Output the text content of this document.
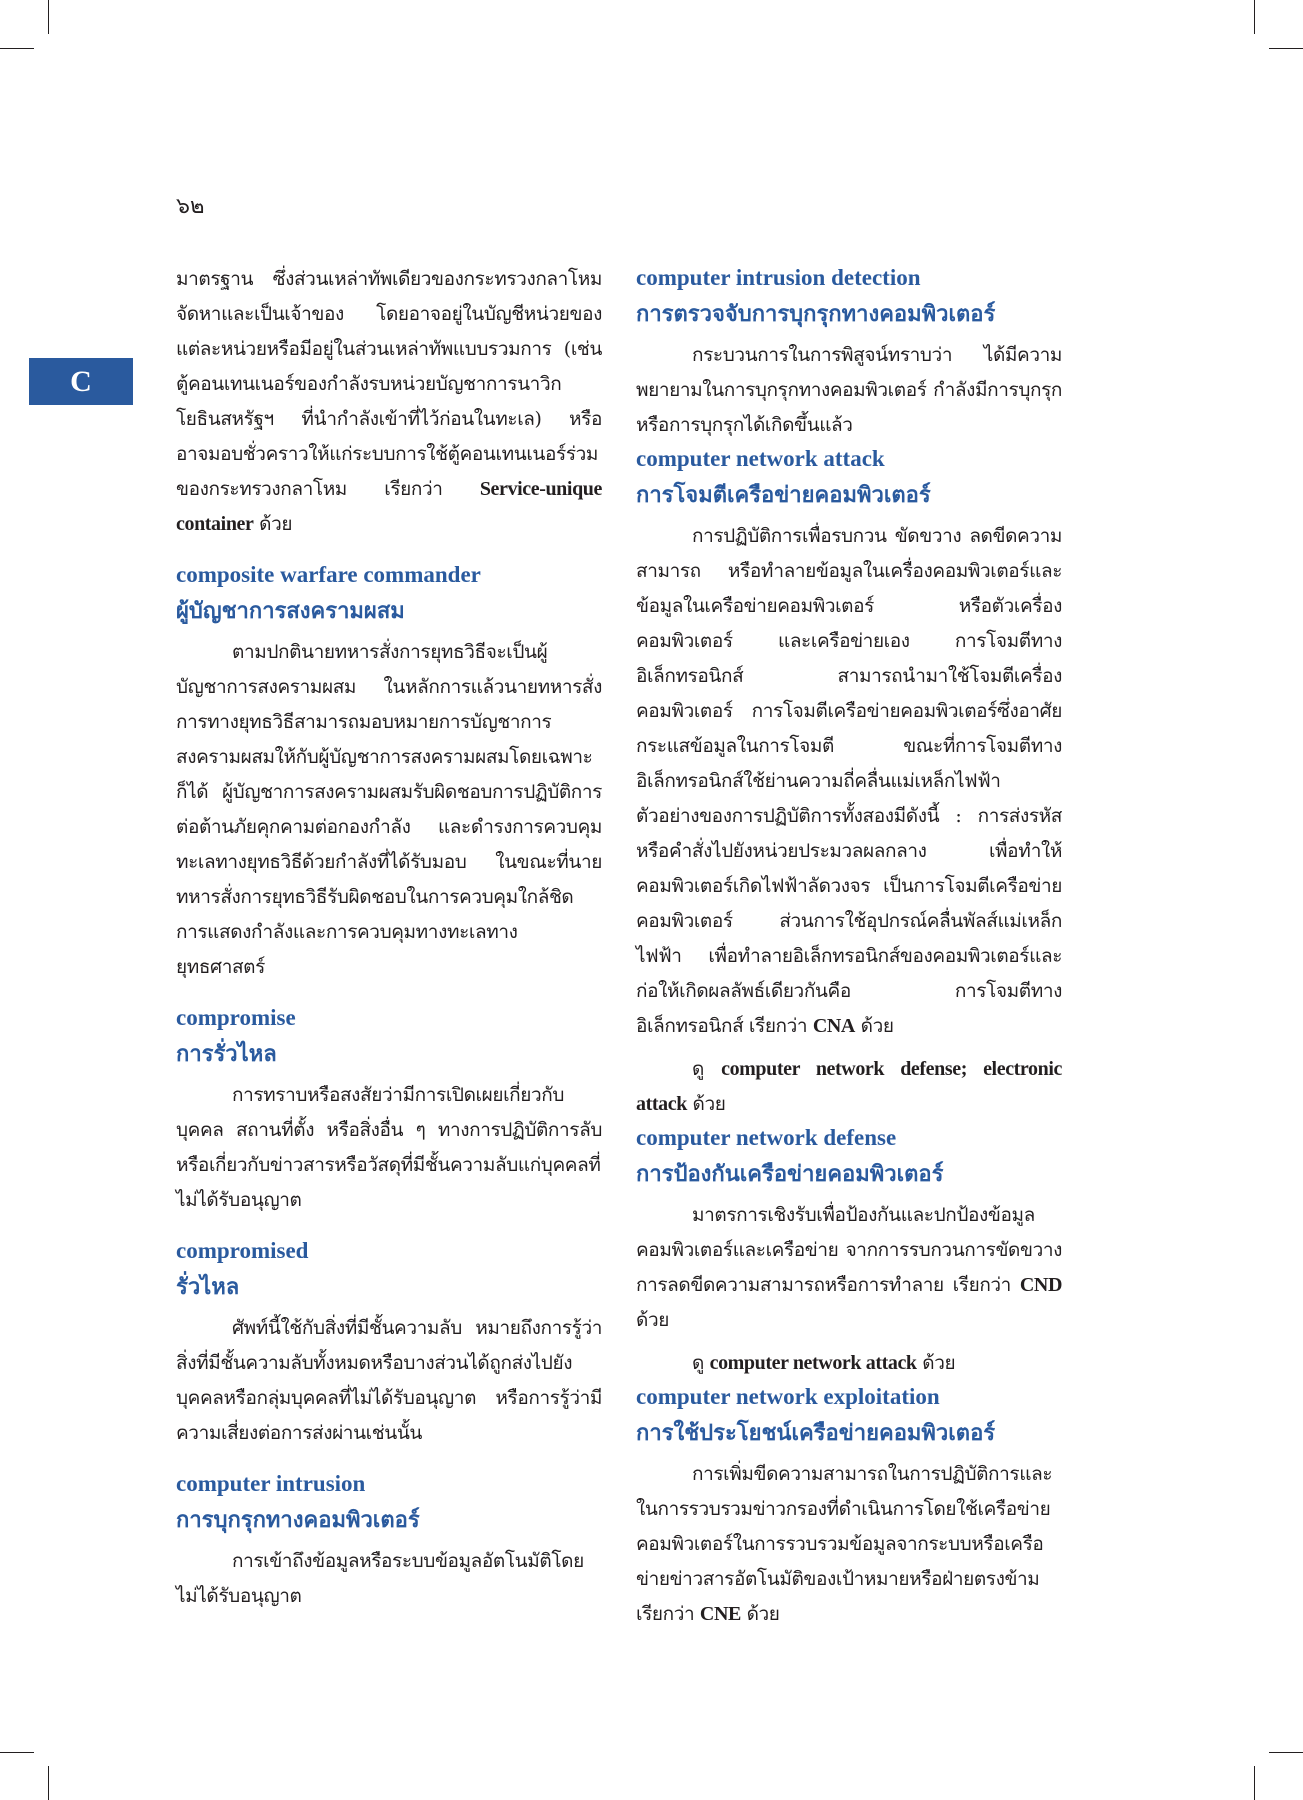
๖๒
C

มาตรฐาน ซึ่งส่วนเหล่าทัพเดียวของกระทรวงกลาโหม จัดหาและเป็นเจ้าของ โดยอาจอยู่ในบัญชีหน่วยของแต่ละหน่วยหรือมีอยู่ในส่วนเหล่าทัพแบบรวมการ (เช่น ตู้คอนเทนเนอร์ของกำลังรบหน่วยบัญชาการนาวิกโยธินสหรัฐฯ ที่นำกำลังเข้าที่ไว้ก่อนในทะเล) หรืออาจมอบชั่วคราวให้แก่ระบบการใช้ตู้คอนเทนเนอร์ร่วมของกระทรวงกลาโหม เรียกว่า Service-unique container ด้วย

composite warfare commander
ผู้บัญชาการสงครามผสม

ตามปกตินายทหารสั่งการยุทธวิธีจะเป็นผู้บัญชาการสงครามผสม ในหลักการแล้วนายทหารสั่งการทางยุทธวิธีสามารถมอบหมายการบัญชาการสงครามผสมให้กับผู้บัญชาการสงครามผสมโดยเฉพาะก็ได้ ผู้บัญชาการสงครามผสมรับผิดชอบการปฏิบัติการต่อต้านภัยคุกคามต่อกองกำลัง และดำรงการควบคุมทะเลทางยุทธวิธีด้วยกำลังที่ได้รับมอบ ในขณะที่นายทหารสั่งการยุทธวิธีรับผิดชอบในการควบคุมใกล้ชิด การแสดงกำลังและการควบคุมทางทะเลทางยุทธศาสตร์

compromise
การรั่วไหล

การทราบหรือสงสัยว่ามีการเปิดเผยเกี่ยวกับบุคคล สถานที่ตั้ง หรือสิ่งอื่น ๆ ทางการปฏิบัติการลับหรือเกี่ยวกับข่าวสารหรือวัสดุที่มีชั้นความลับแก่บุคคลที่ไม่ได้รับอนุญาต

compromised
รั่วไหล

ศัพท์นี้ใช้กับสิ่งที่มีชั้นความลับ หมายถึงการรู้ว่าสิ่งที่มีชั้นความลับทั้งหมดหรือบางส่วนได้ถูกส่งไปยังบุคคลหรือกลุ่มบุคคลที่ไม่ได้รับอนุญาต หรือการรู้ว่ามีความเสี่ยงต่อการส่งผ่านเช่นนั้น

computer intrusion
การบุกรุกทางคอมพิวเตอร์

การเข้าถึงข้อมูลหรือระบบข้อมูลอัตโนมัติโดยไม่ได้รับอนุญาต

computer intrusion detection
การตรวจจับการบุกรุกทางคอมพิวเตอร์

กระบวนการในการพิสูจน์ทราบว่า ได้มีความพยายามในการบุกรุกทางคอมพิวเตอร์ กำลังมีการบุกรุก หรือการบุกรุกได้เกิดขึ้นแล้ว

computer network attack
การโจมตีเครือข่ายคอมพิวเตอร์

การปฏิบัติการเพื่อรบกวน ขัดขวาง ลดขีดความสามารถ หรือทำลายข้อมูลในเครื่องคอมพิวเตอร์และข้อมูลในเครือข่ายคอมพิวเตอร์ หรือตัวเครื่องคอมพิวเตอร์ และเครือข่ายเอง การโจมตีทางอิเล็กทรอนิกส์ สามารถนำมาใช้โจมตีเครื่องคอมพิวเตอร์ การโจมตีเครือข่ายคอมพิวเตอร์ซึ่งอาศัยกระแสข้อมูลในการโจมตี ขณะที่การโจมตีทางอิเล็กทรอนิกส์ใช้ย่านความถี่คลื่นแม่เหล็กไฟฟ้า ตัวอย่างของการปฏิบัติการทั้งสองมีดังนี้ : การส่งรหัสหรือคำสั่งไปยังหน่วยประมวลผลกลาง เพื่อทำให้คอมพิวเตอร์เกิดไฟฟ้าลัดวงจร เป็นการโจมตีเครือข่ายคอมพิวเตอร์ ส่วนการใช้อุปกรณ์คลื่นพัลส์แม่เหล็กไฟฟ้า เพื่อทำลายอิเล็กทรอนิกส์ของคอมพิวเตอร์และก่อให้เกิดผลลัพธ์เดียวกันคือ การโจมตีทางอิเล็กทรอนิกส์ เรียกว่า CNA ด้วย

ดู computer network defense; electronic attack ด้วย

computer network defense
การป้องกันเครือข่ายคอมพิวเตอร์

มาตรการเชิงรับเพื่อป้องกันและปกป้องข้อมูลคอมพิวเตอร์และเครือข่าย จากการรบกวนการขัดขวาง การลดขีดความสามารถหรือการทำลาย เรียกว่า CND ด้วย

ดู computer network attack ด้วย

computer network exploitation
การใช้ประโยชน์เครือข่ายคอมพิวเตอร์

การเพิ่มขีดความสามารถในการปฏิบัติการและในการรวบรวมข่าวกรองที่ดำเนินการโดยใช้เครือข่ายคอมพิวเตอร์ในการรวบรวมข้อมูลจากระบบหรือเครือข่ายข่าวสารอัตโนมัติของเป้าหมายหรือฝ่ายตรงข้าม เรียกว่า CNE ด้วย
